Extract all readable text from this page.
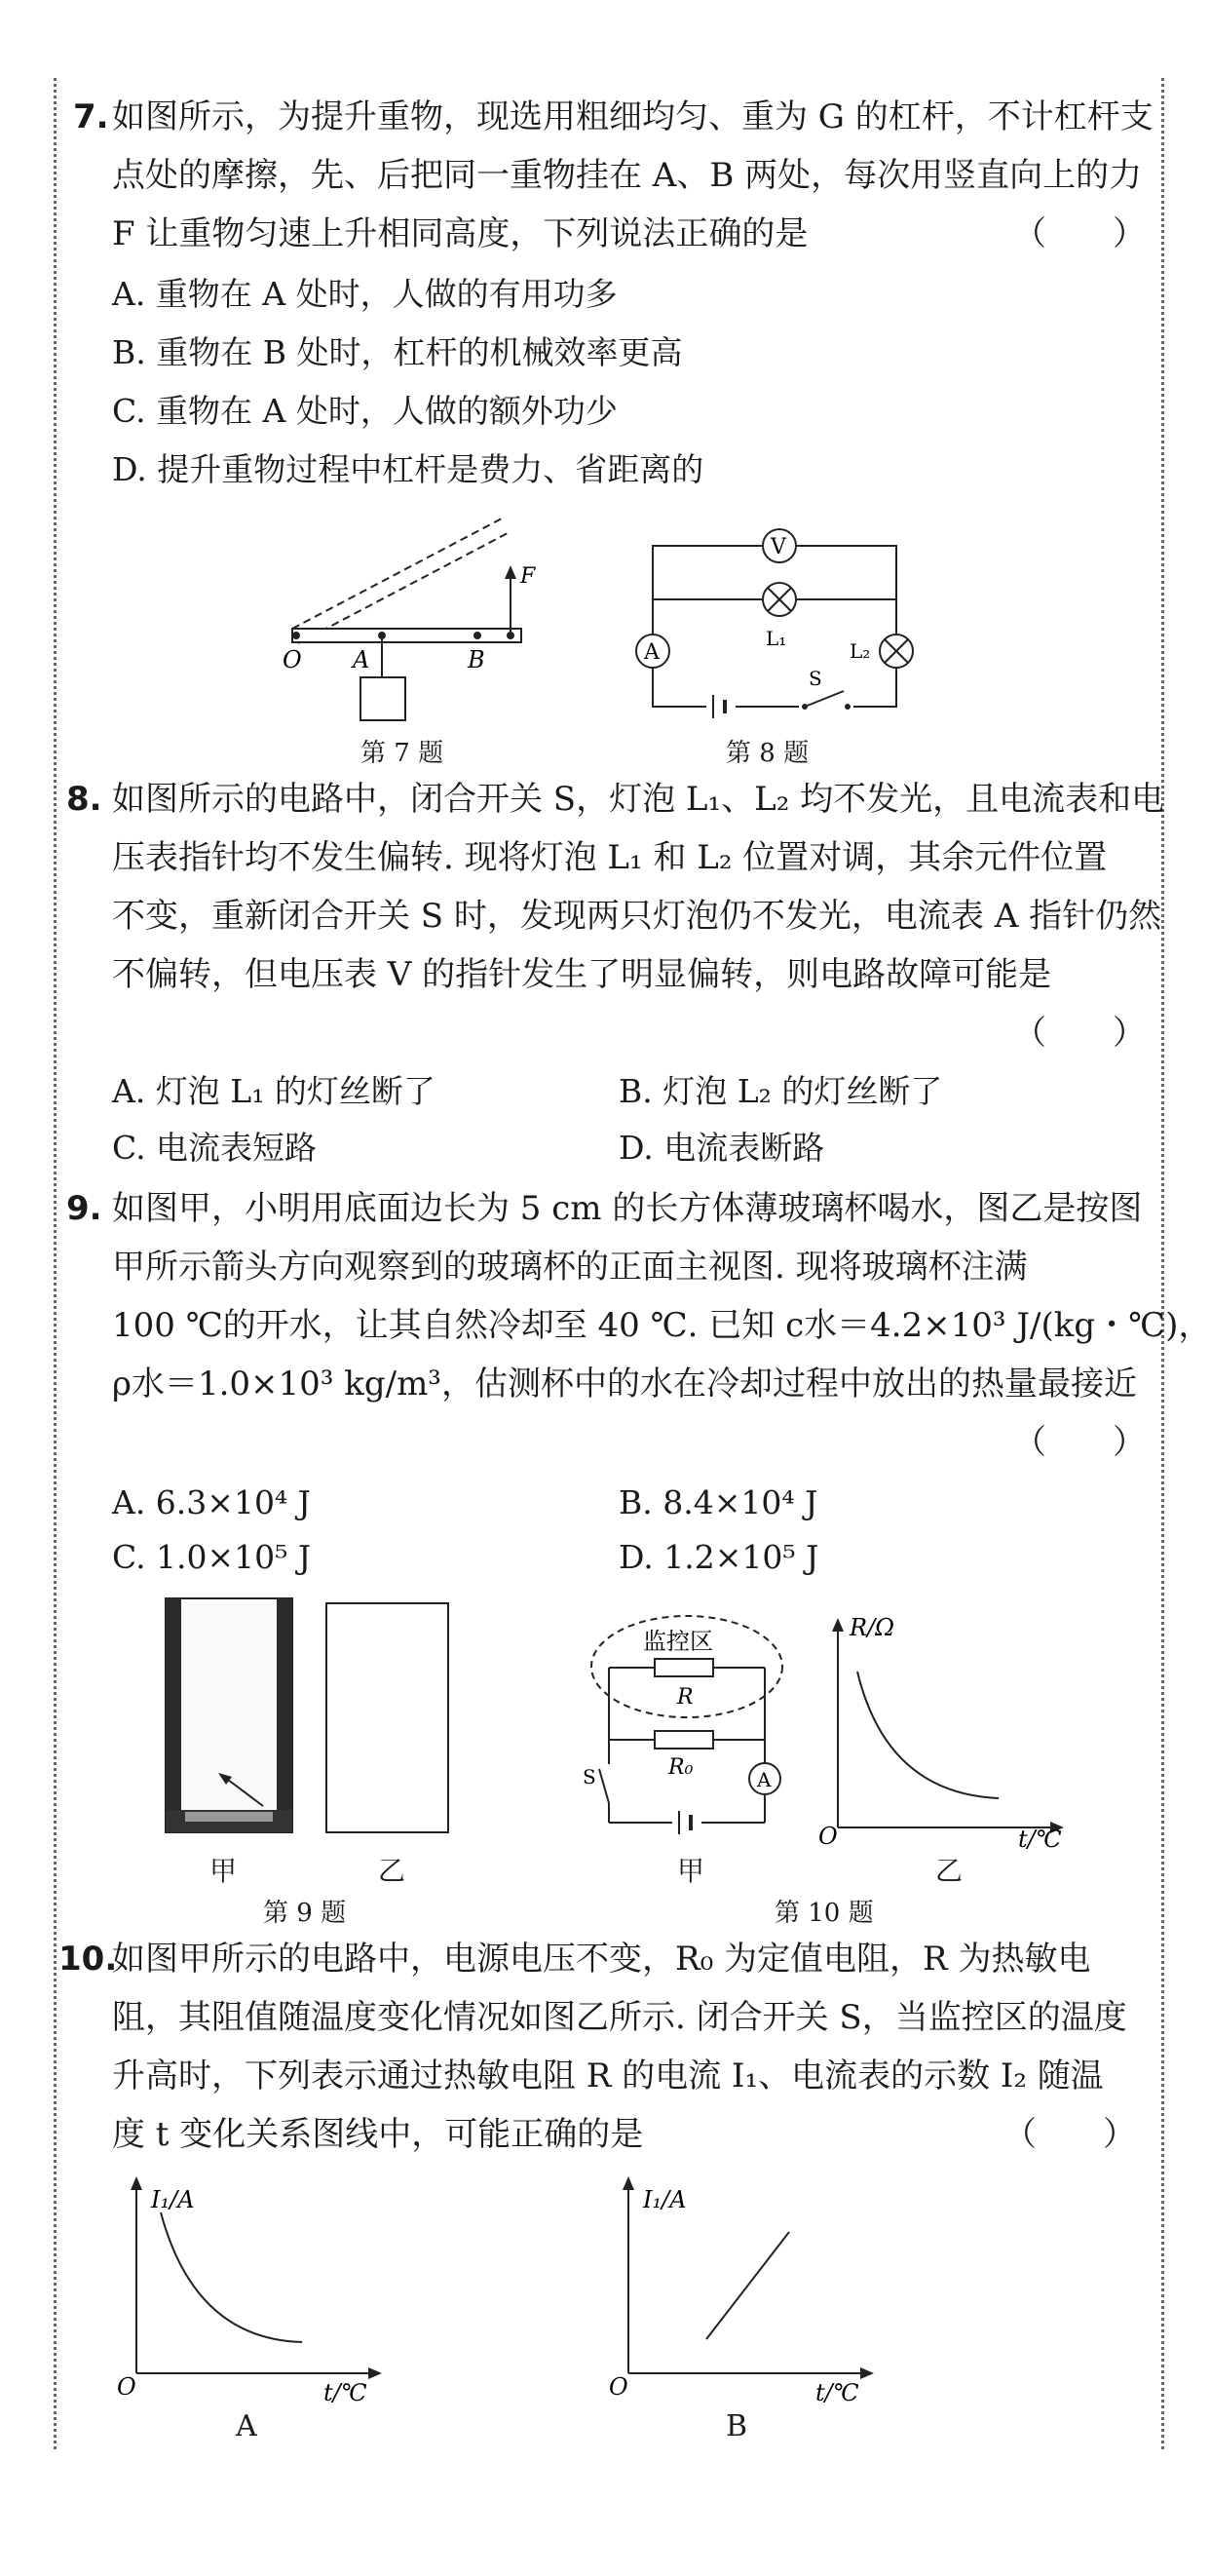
7. 如图所示，为提升重物，现选用粗细均匀、重为 G 的杠杆，不计杠杆支
点处的摩擦，先、后把同一重物挂在 A、B 两处，每次用竖直向上的力
F 让重物匀速上升相同高度，下列说法正确的是	（　　）
A. 重物在 A 处时，人做的有用功多
B. 重物在 B 处时，杠杆的机械效率更高
C. 重物在 A 处时，人做的额外功少
D. 提升重物过程中杠杆是费力、省距离的
F
O A	B
第 7 题
V
L₁
A	L₂
S
第 8 题
8. 如图所示的电路中，闭合开关 S，灯泡 L₁、L₂ 均不发光，且电流表和电
压表指针均不发生偏转. 现将灯泡 L₁ 和 L₂ 位置对调，其余元件位置
不变，重新闭合开关 S 时，发现两只灯泡仍不发光，电流表 A 指针仍然
不偏转，但电压表 V 的指针发生了明显偏转，则电路故障可能是
（　　）
A. 灯泡 L₁ 的灯丝断了	B. 灯泡 L₂ 的灯丝断了
C. 电流表短路	D. 电流表断路
9. 如图甲，小明用底面边长为 5 cm 的长方体薄玻璃杯喝水，图乙是按图
甲所示箭头方向观察到的玻璃杯的正面主视图. 现将玻璃杯注满
100 ℃的开水，让其自然冷却至 40 ℃. 已知 c水＝4.2×10³ J/(kg・℃)，
ρ水＝1.0×10³ kg/m³，估测杯中的水在冷却过程中放出的热量最接近
（　　）
A. 6.3×10⁴ J	B. 8.4×10⁴ J
C. 1.0×10⁵ J	D. 1.2×10⁵ J
甲	乙
第 9 题
监控区
R
R₀	A
S
甲
R/Ω
O	t/℃
乙
第 10 题
10.
如图甲所示的电路中，电源电压不变，R₀ 为定值电阻，R 为热敏电
阻，其阻值随温度变化情况如图乙所示. 闭合开关 S，当监控区的温度
升高时，下列表示通过热敏电阻 R 的电流 I₁、电流表的示数 I₂ 随温
度 t 变化关系图线中，可能正确的是	（　　）
I₁/A
O	t/℃
A
I₁/A
O	t/℃
B
